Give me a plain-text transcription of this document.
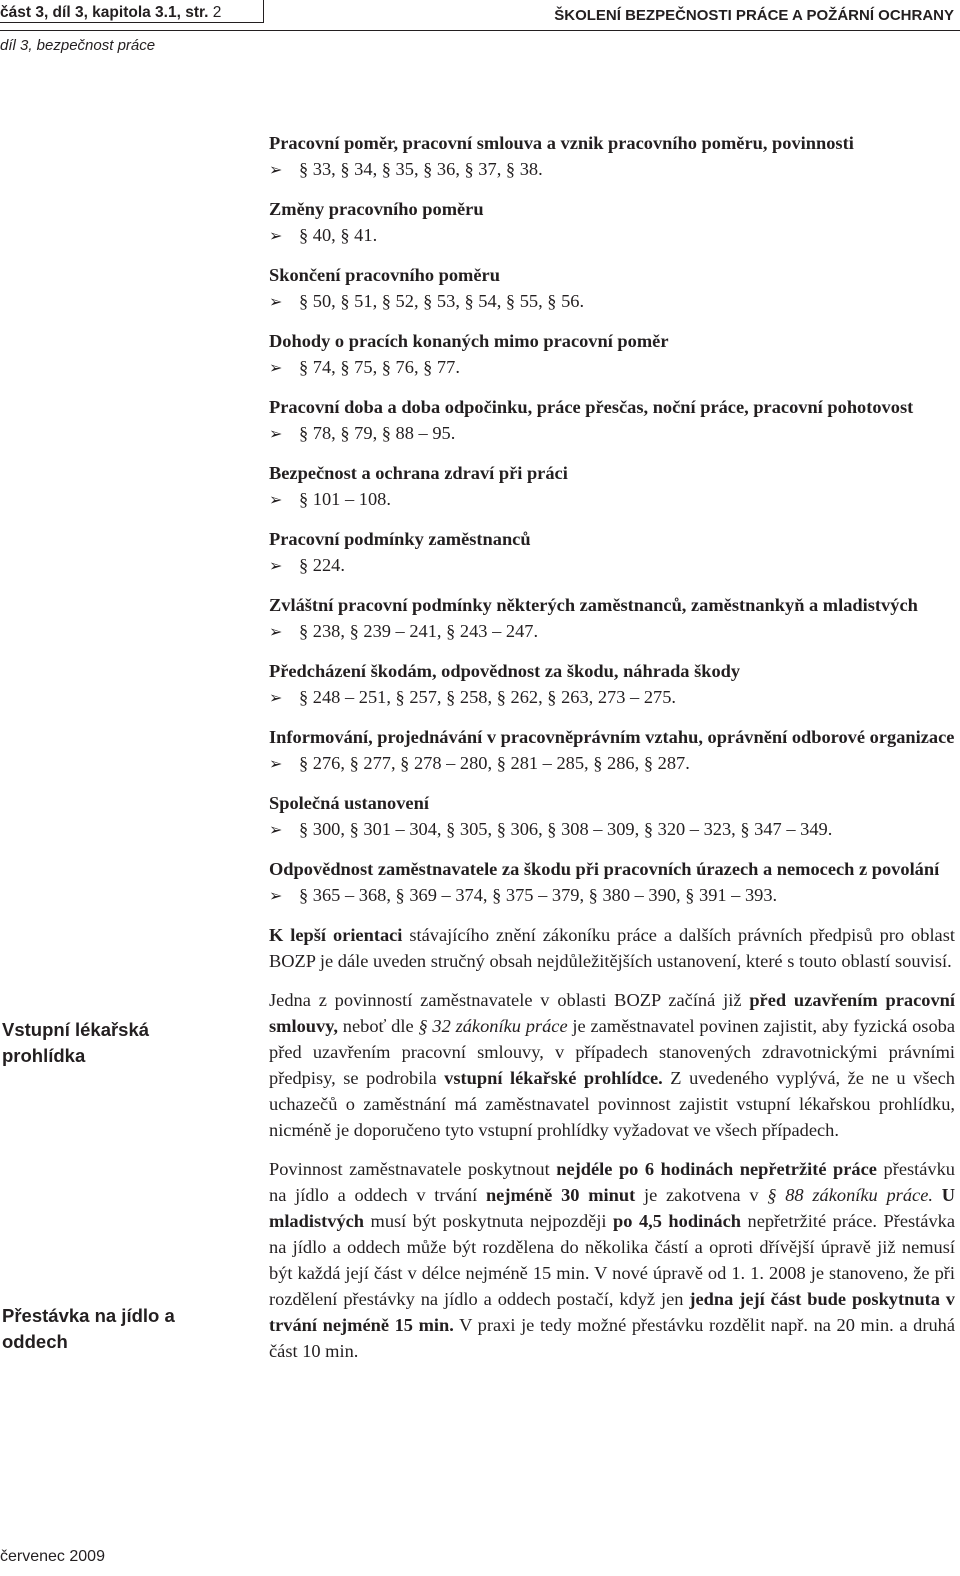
část 3, díl 3, kapitola 3.1, str. 2	ŠKOLENÍ BEZPEČNOSTI PRÁCE A POŽÁRNÍ OCHRANY
díl 3, bezpečnost práce
Pracovní poměr, pracovní smlouva a vznik pracovního poměru, povinnosti
➢ § 33, § 34, § 35, § 36, § 37, § 38.
Změny pracovního poměru
➢ § 40, § 41.
Skončení pracovního poměru
➢ § 50, § 51, § 52, § 53, § 54, § 55, § 56.
Dohody o pracích konaných mimo pracovní poměr
➢ § 74, § 75, § 76, § 77.
Pracovní doba a doba odpočinku, práce přesčas, noční práce, pracovní pohotovost
➢ § 78, § 79, § 88 – 95.
Bezpečnost a ochrana zdraví při práci
➢ § 101 – 108.
Pracovní podmínky zaměstnanců
➢ § 224.
Zvláštní pracovní podmínky některých zaměstnanců, zaměstnankyň a mladistvých
➢ § 238, § 239 – 241, § 243 – 247.
Předcházení škodám, odpovědnost za škodu, náhrada škody
➢ § 248 – 251, § 257, § 258, § 262, § 263, 273 – 275.
Informování, projednávání v pracovněprávním vztahu, oprávnění odborové organizace
➢ § 276, § 277, § 278 – 280, § 281 – 285, § 286, § 287.
Společná ustanovení
➢ § 300, § 301 – 304, § 305, § 306, § 308 – 309, § 320 – 323, § 347 – 349.
Odpovědnost zaměstnavatele za škodu při pracovních úrazech a nemocech z povolání
➢ § 365 – 368, § 369 – 374, § 375 – 379, § 380 – 390, § 391 – 393.

K lepší orientaci stávajícího znění zákoníku práce a dalších právních předpisů pro oblast BOZP je dále uveden stručný obsah nejdůležitějších ustanovení, které s touto oblastí souvisí.

Jedna z povinností zaměstnavatele v oblasti BOZP začíná již před uzavřením pracovní smlouvy, neboť dle § 32 zákoníku práce je zaměstnavatel povinen zajistit, aby fyzická osoba před uzavřením pracovní smlouvy, v případech stanovených zdravotnickými právními předpisy, se podrobila vstupní lékařské prohlídce. Z uvedeného vyplývá, že ne u všech uchazečů o zaměstnání má zaměstnavatel povinnost zajistit vstupní lékařskou prohlídku, nicméně je doporučeno tyto vstupní prohlídky vyžadovat ve všech případech.

Povinnost zaměstnavatele poskytnout nejdéle po 6 hodinách nepřetržité práce přestávku na jídlo a oddech v trvání nejméně 30 minut je zakotvena v § 88 zákoníku práce. U mladistvých musí být poskytnuta nejpozději po 4,5 hodinách nepřetržité práce. Přestávka na jídlo a oddech může být rozdělena do několika částí a oproti dřívější úpravě již nemusí být každá její část v délce nejméně 15 min. V nové úpravě od 1. 1. 2008 je stanoveno, že při rozdělení přestávky na jídlo a oddech postačí, když jen jedna její část bude poskytnuta v trvání nejméně 15 min. V praxi je tedy možné přestávku rozdělit např. na 20 min. a druhá část 10 min.

Vstupní lékařská prohlídka
Přestávka na jídlo a oddech
červenec 2009
